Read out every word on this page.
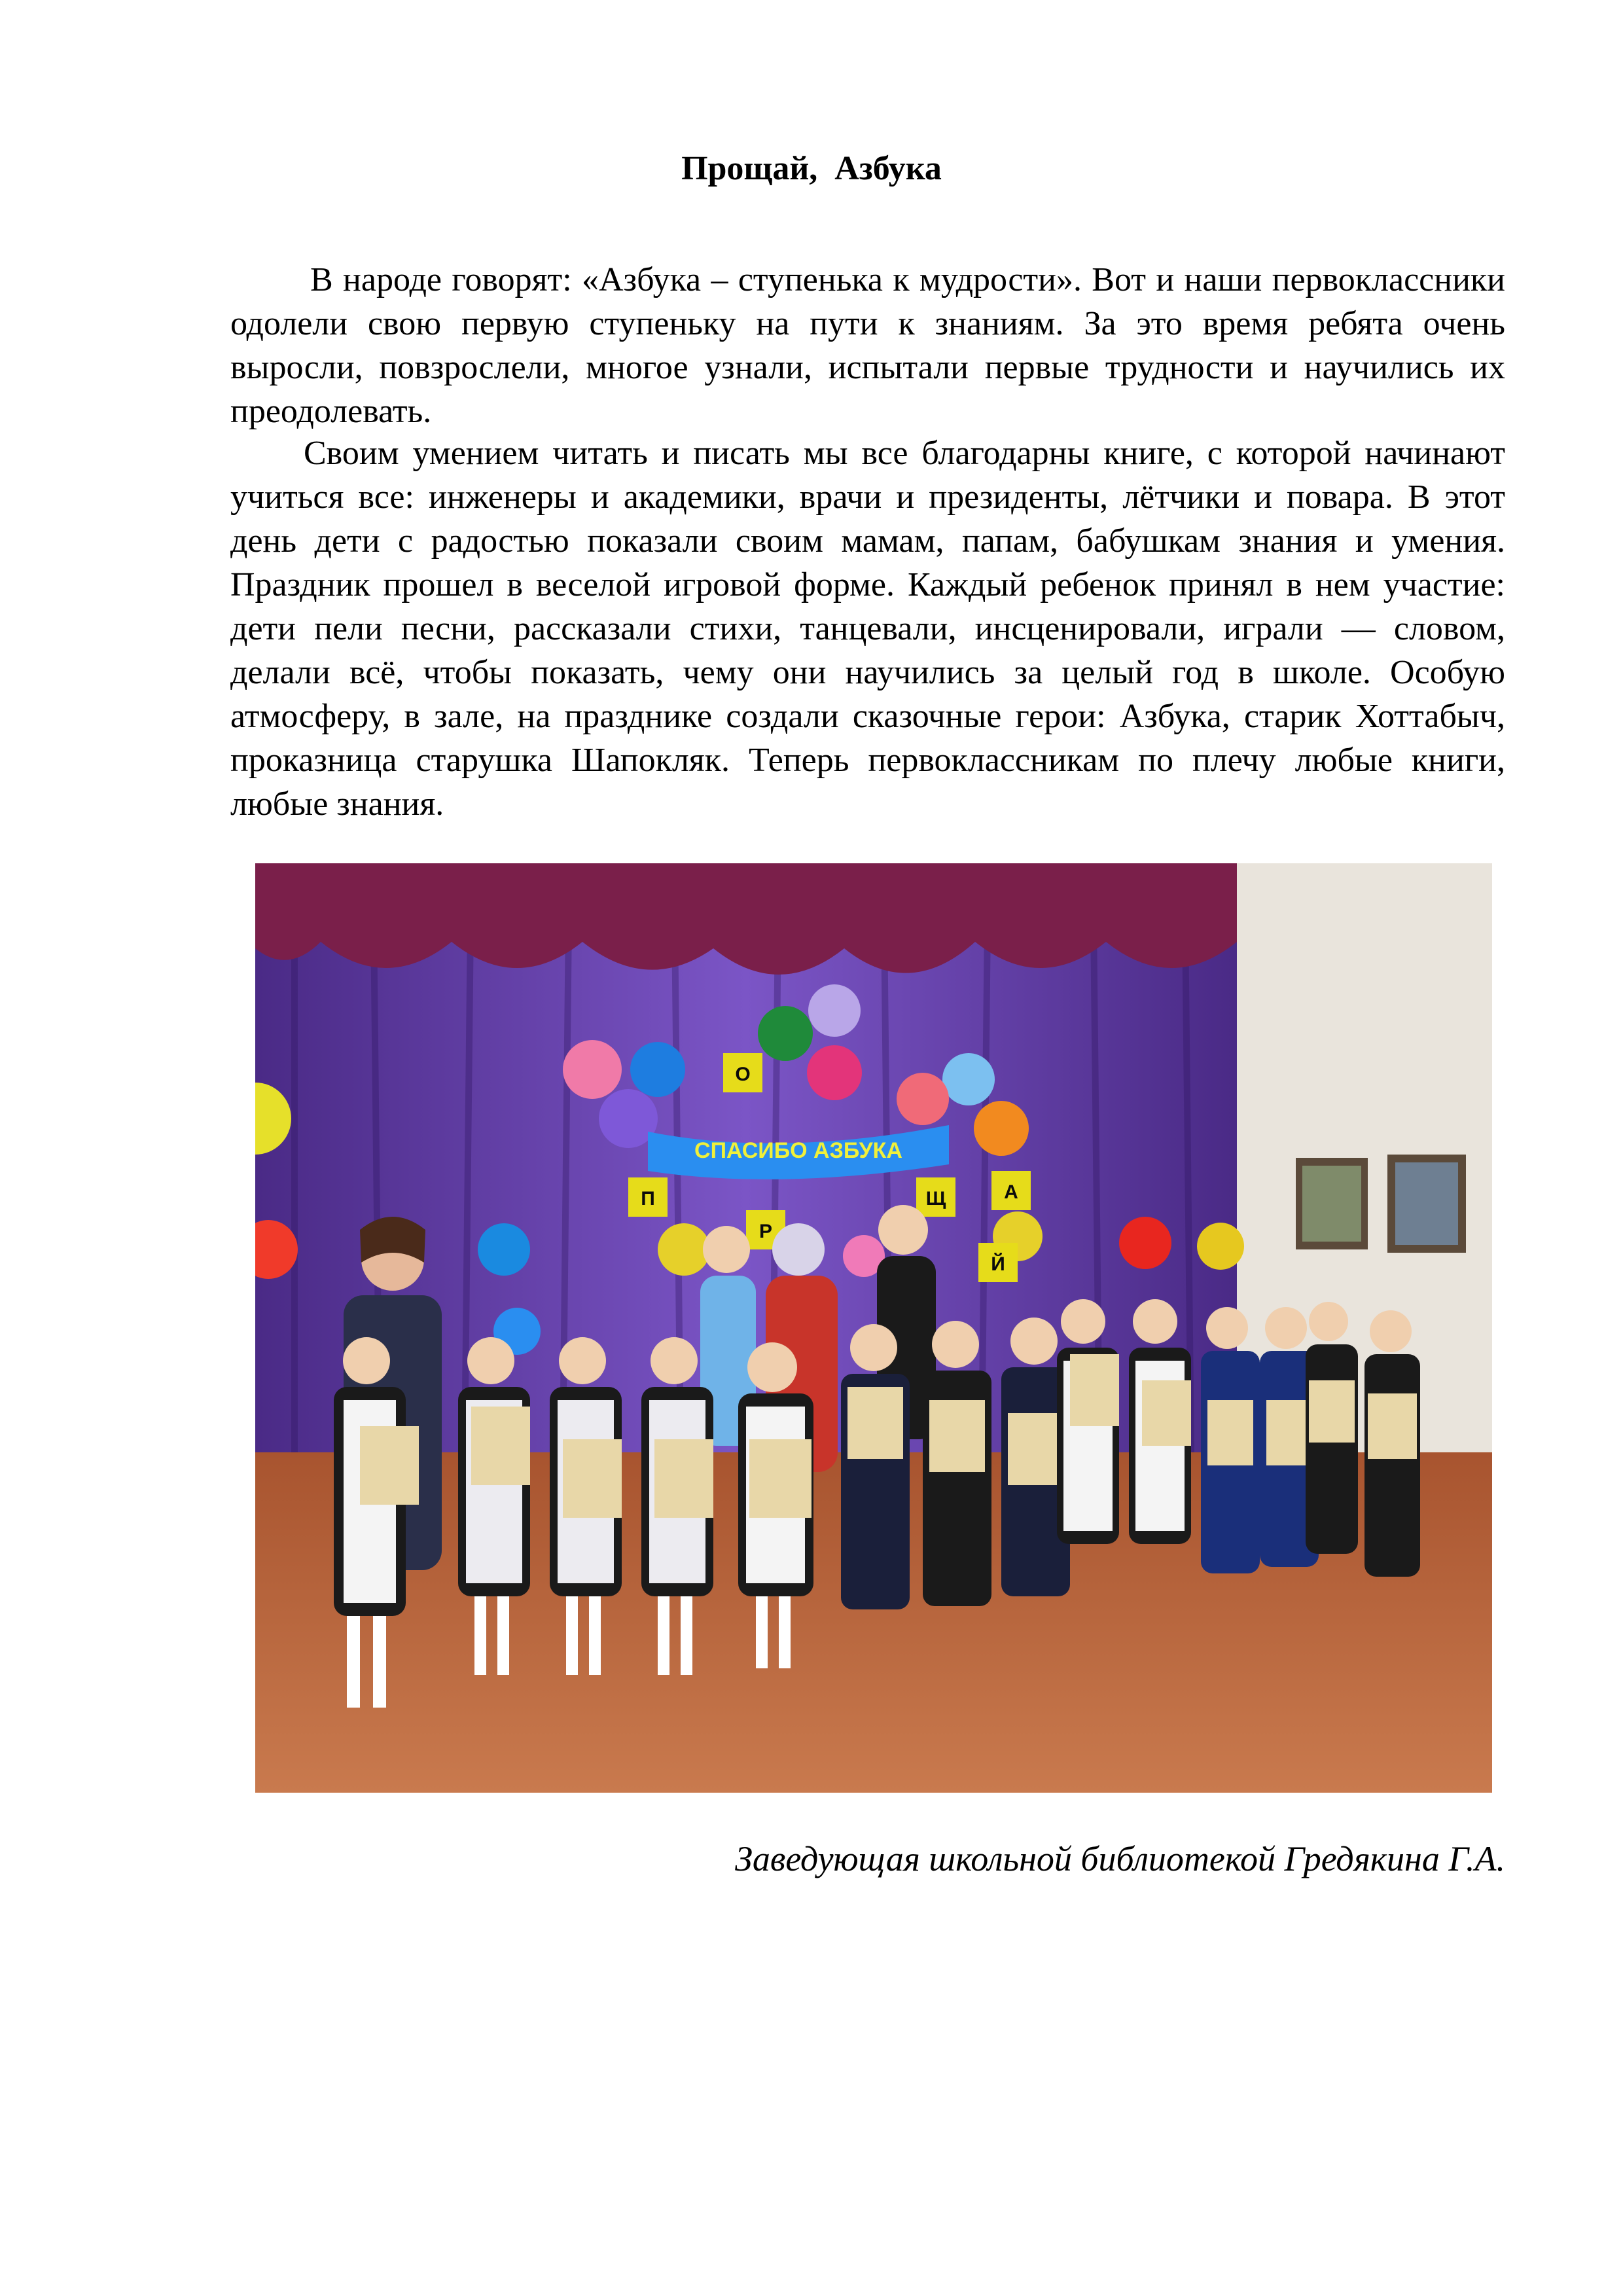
Прощай,  Азбука

В народе говорят: «Азбука – ступенька к мудрости». Вот и наши первоклассники одолели свою первую ступеньку на пути к знаниям. За это время ребята очень выросли, повзрослели, многое узнали, испытали первые трудности и научились их преодолевать.

Своим умением читать и писать мы все благодарны книге, с которой начинают учиться все: инженеры и академики, врачи и президенты, лётчики и повара. В этот день дети с радостью показали своим мамам, папам, бабушкам знания и умения. Праздник прошел в веселой игровой форме. Каждый ребенок принял в нем участие: дети пели песни, рассказали стихи, танцевали, инсценировали, играли — словом, делали всё, чтобы показать, чему они научились за целый год в школе. Особую атмосферу, в зале, на празднике создали сказочные герои: Азбука, старик Хоттабыч, проказница старушка Шапокляк. Теперь первоклассникам по плечу любые книги, любые знания.

СПАСИБО АЗБУКА
П
Р
О
Щ	А
Й
Заведующая школьной библиотекой Гредякина Г.А.
